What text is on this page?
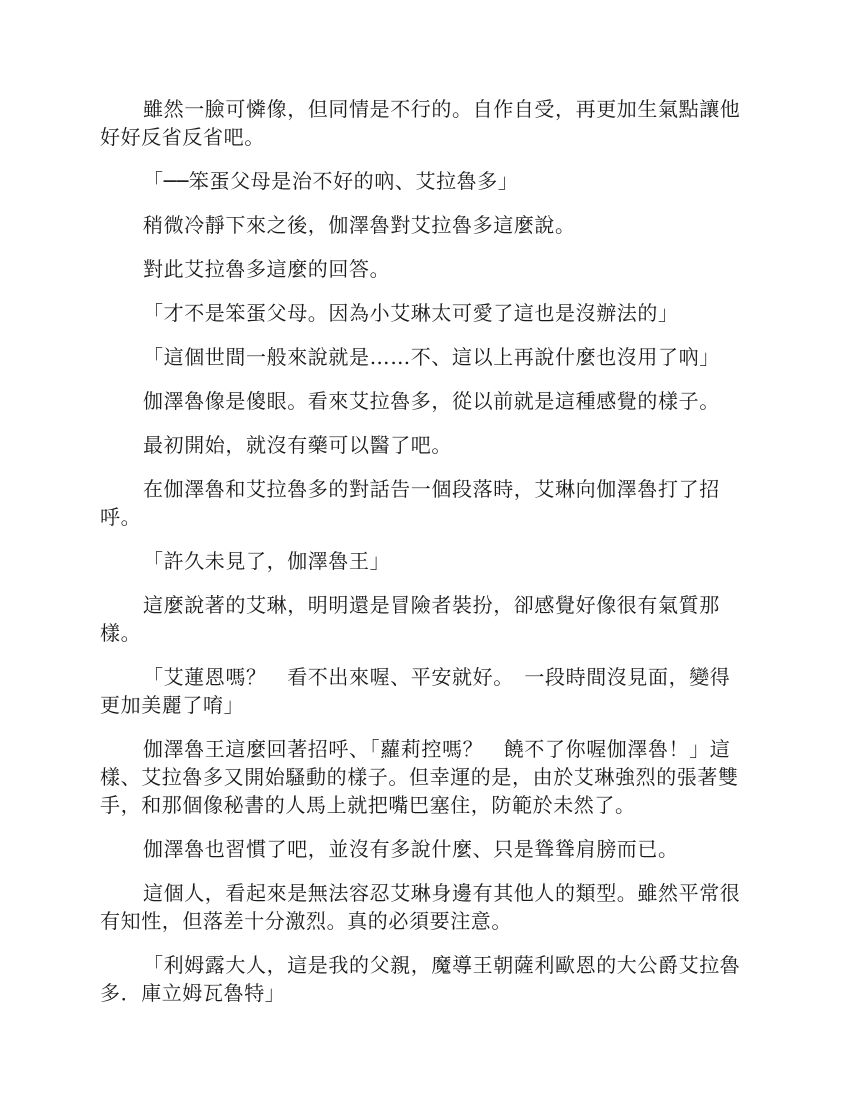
雖然一臉可憐像，但同情是不行的。自作自受，再更加生氣點讓他好好反省反省吧。

「──笨蛋父母是治不好的吶、艾拉魯多」

稍微冷靜下來之後，伽澤魯對艾拉魯多這麼說。

對此艾拉魯多這麼的回答。

「才不是笨蛋父母。因為小艾琳太可愛了這也是沒辦法的」

「這個世間一般來說就是……不、這以上再說什麼也沒用了吶」

伽澤魯像是傻眼。看來艾拉魯多，從以前就是這種感覺的樣子。

最初開始，就沒有藥可以醫了吧。

在伽澤魯和艾拉魯多的對話告一個段落時，艾琳向伽澤魯打了招呼。

「許久未見了，伽澤魯王」

這麼說著的艾琳，明明還是冒險者裝扮，卻感覺好像很有氣質那樣。

「艾蓮恩嗎？　看不出來喔、平安就好。　一段時間沒見面，變得更加美麗了唷」

伽澤魯王這麼回著招呼、「蘿莉控嗎？　饒不了你喔伽澤魯！」這樣、艾拉魯多又開始騷動的樣子。但幸運的是，由於艾琳強烈的張著雙手，和那個像秘書的人馬上就把嘴巴塞住，防範於未然了。

伽澤魯也習慣了吧，並沒有多說什麼、只是聳聳肩膀而已。

這個人，看起來是無法容忍艾琳身邊有其他人的類型。雖然平常很有知性，但落差十分激烈。真的必須要注意。

「利姆露大人，這是我的父親，魔導王朝薩利歐恩的大公爵艾拉魯多．庫立姆瓦魯特」
